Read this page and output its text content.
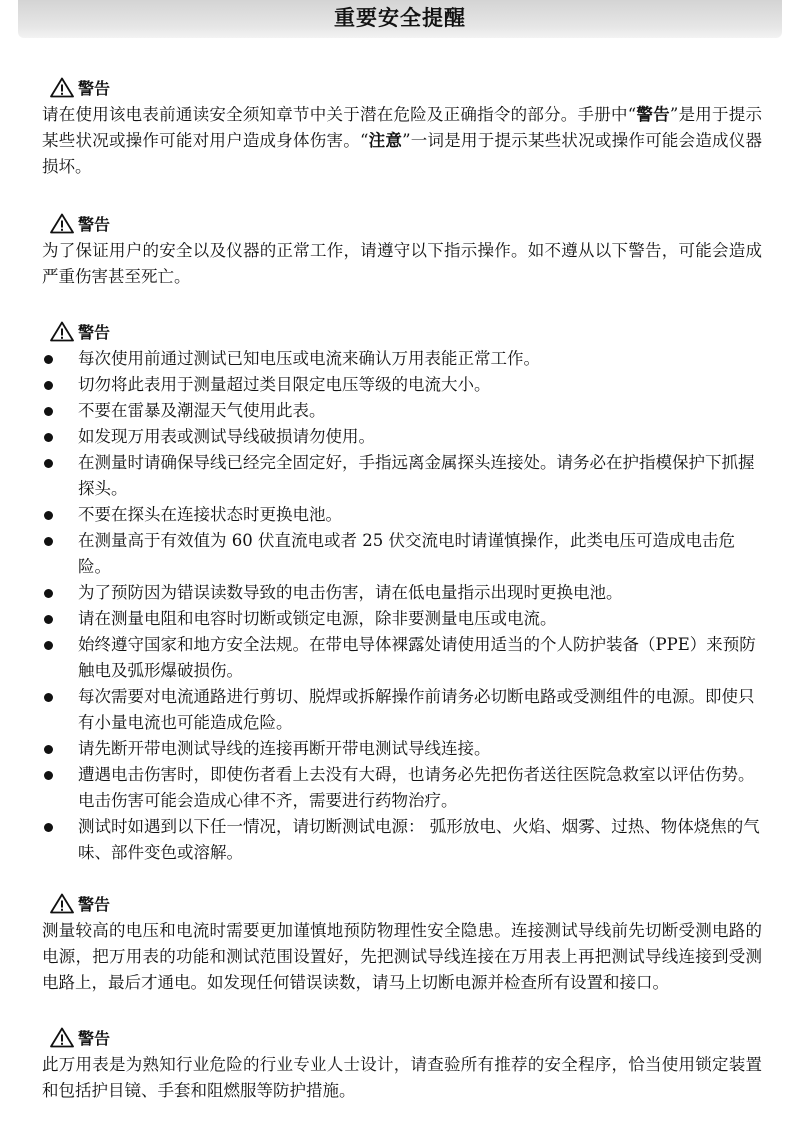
重要安全提醒
警告

请在使用该电表前通读安全须知章节中关于潜在危险及正确指令的部分。手册中“警告”是用于提示某些状况或操作可能对用户造成身体伤害。“注意”一词是用于提示某些状况或操作可能会造成仪器损坏。

警告

为了保证用户的安全以及仪器的正常工作，请遵守以下指示操作。如不遵从以下警告，可能会造成严重伤害甚至死亡。

警告
每次使用前通过测试已知电压或电流来确认万用表能正常工作。
切勿将此表用于测量超过类目限定电压等级的电流大小。
不要在雷暴及潮湿天气使用此表。
如发现万用表或测试导线破损请勿使用。
在测量时请确保导线已经完全固定好，手指远离金属探头连接处。请务必在护指模保护下抓握探头。
不要在探头在连接状态时更换电池。
在测量高于有效值为 60 伏直流电或者 25 伏交流电时请谨慎操作，此类电压可造成电击危险。
为了预防因为错误读数导致的电击伤害，请在低电量指示出现时更换电池。
请在测量电阻和电容时切断或锁定电源，除非要测量电压或电流。
始终遵守国家和地方安全法规。在带电导体裸露处请使用适当的个人防护装备（PPE）来预防触电及弧形爆破损伤。
每次需要对电流通路进行剪切、脱焊或拆解操作前请务必切断电路或受测组件的电源。即使只有小量电流也可能造成危险。
请先断开带电测试导线的连接再断开带电测试导线连接。
遭遇电击伤害时，即使伤者看上去没有大碍，也请务必先把伤者送往医院急救室以评估伤势。电击伤害可能会造成心律不齐，需要进行药物治疗。
测试时如遇到以下任一情况，请切断测试电源： 弧形放电、火焰、烟雾、过热、物体烧焦的气味、部件变色或溶解。
警告

测量较高的电压和电流时需要更加谨慎地预防物理性安全隐患。连接测试导线前先切断受测电路的电源，把万用表的功能和测试范围设置好，先把测试导线连接在万用表上再把测试导线连接到受测电路上，最后才通电。如发现任何错误读数，请马上切断电源并检查所有设置和接口。

警告

此万用表是为熟知行业危险的行业专业人士设计，请查验所有推荐的安全程序，恰当使用锁定装置和包括护目镜、手套和阻燃服等防护措施。
